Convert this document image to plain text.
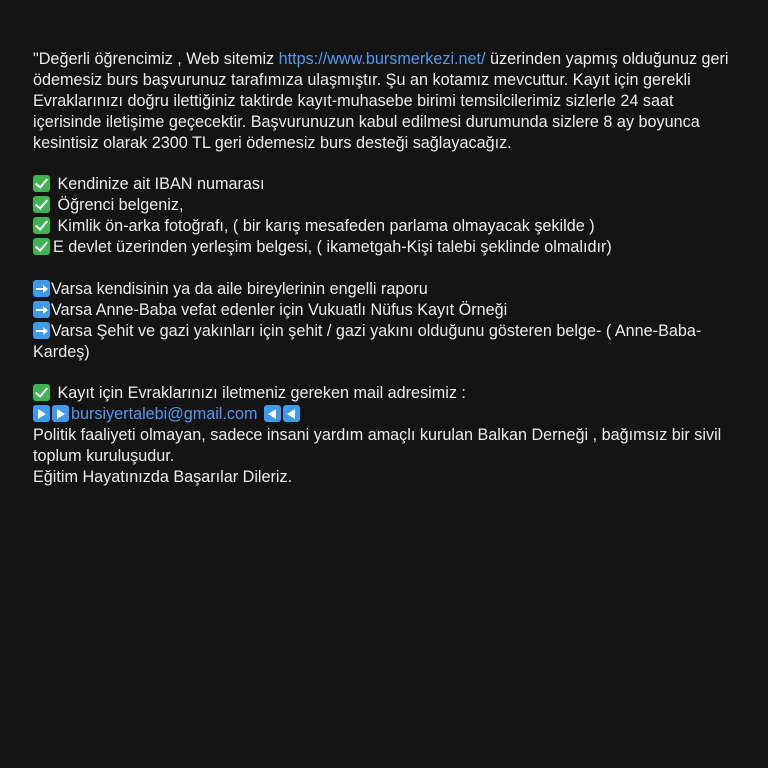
"Değerli öğrencimiz , Web sitemiz https://www.bursmerkezi.net/ üzerinden yapmış olduğunuz geri ödemesiz burs başvurunuz tarafımıza ulaşmıştır. Şu an kotamız mevcuttur. Kayıt için gerekli Evraklarınızı doğru ilettiğiniz taktirde kayıt-muhasebe birimi temsilcilerimiz sizlerle 24 saat içerisinde iletişime geçecektir. Başvurunuzun kabul edilmesi durumunda sizlere 8 ay boyunca kesintisiz olarak 2300 TL geri ödemesiz burs desteği sağlayacağız.

Kendinize ait IBAN numarası
Öğrenci belgeniz,
Kimlik ön-arka fotoğrafı, ( bir karış mesafeden parlama olmayacak şekilde )
E devlet üzerinden yerleşim belgesi, ( ikametgah-Kişi talebi şeklinde olmalıdır)
Varsa kendisinin ya da aile bireylerinin engelli raporu
Varsa Anne-Baba vefat edenler için Vukuatlı Nüfus Kayıt Örneği
Varsa Şehit ve gazi yakınları için şehit / gazi yakını olduğunu gösteren belge- ( Anne-Baba-Kardeş)
Kayıt için Evraklarınızı iletmeniz gereken mail adresimiz :
bursiyertalebi@gmail.com

Politik faaliyeti olmayan, sadece insani yardım amaçlı kurulan Balkan Derneği , bağımsız bir sivil toplum kuruluşudur.

Eğitim Hayatınızda Başarılar Dileriz.
